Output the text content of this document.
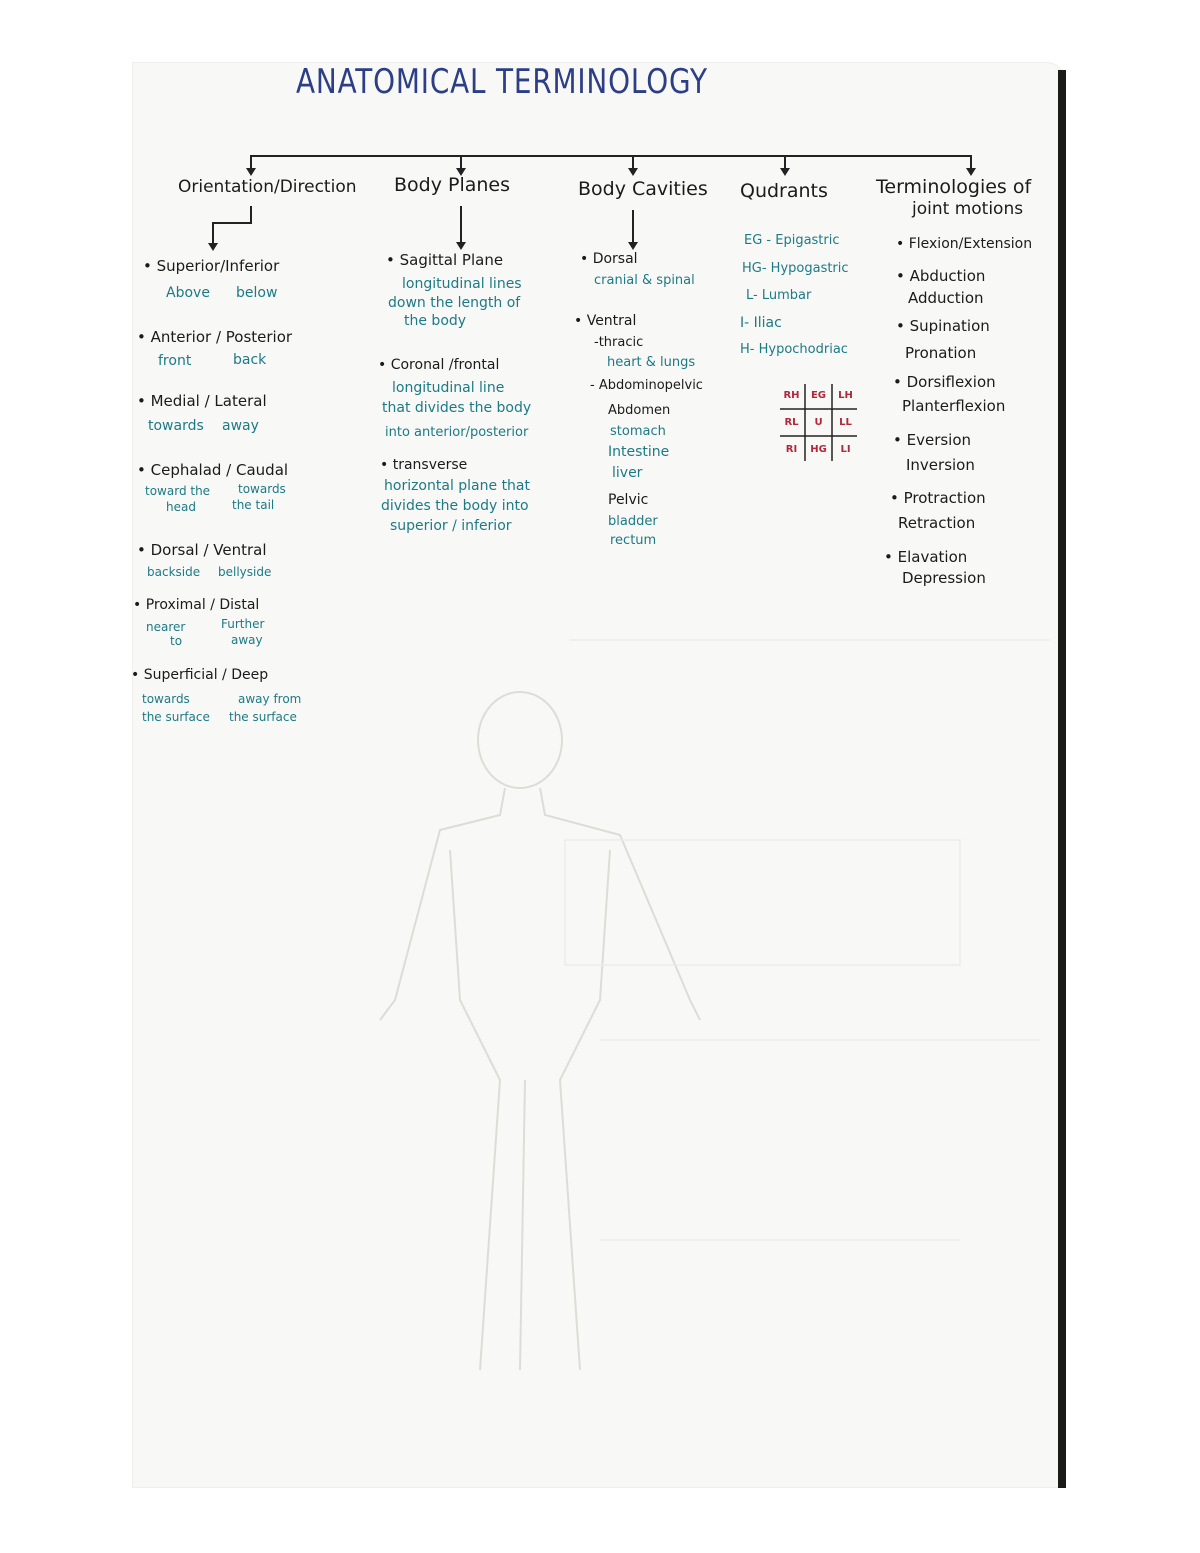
ANATOMICAL TERMINOLOGY
Orientation/Direction Body Planes	Body Cavities Qudrants	Terminologies of
joint motions
• Superior/Inferior
Above below
• Anterior / Posterior
front	back
• Medial / Lateral
towards away
• Cephalad / Caudal
toward the
head
towards
the tail
• Dorsal / Ventral
backside bellyside
• Proximal / Distal
nearer
to
Further
away
• Superficial / Deep
towards
the surface
away from
the surface
• Sagittal Plane
longitudinal lines
down the length of
the body
• Coronal /frontal
longitudinal line
that divides the body
into anterior/posterior
• transverse
horizontal plane that
divides the body into
superior / inferior
• Dorsal
cranial & spinal
• Ventral
-thracic
heart & lungs
- Abdominopelvic
Abdomen
stomach
Intestine
liver
Pelvic
bladder
rectum
EG - Epigastric
HG- Hypogastric
L- Lumbar
I- Iliac
H- Hypochodriac
RH	EG	LH
RL	U	LL
RI	HG	LI
• Flexion/Extension
• Abduction
Adduction
• Supination
Pronation
• Dorsiflexion
Planterflexion
• Eversion
Inversion
• Protraction
Retraction
• Elavation
Depression
